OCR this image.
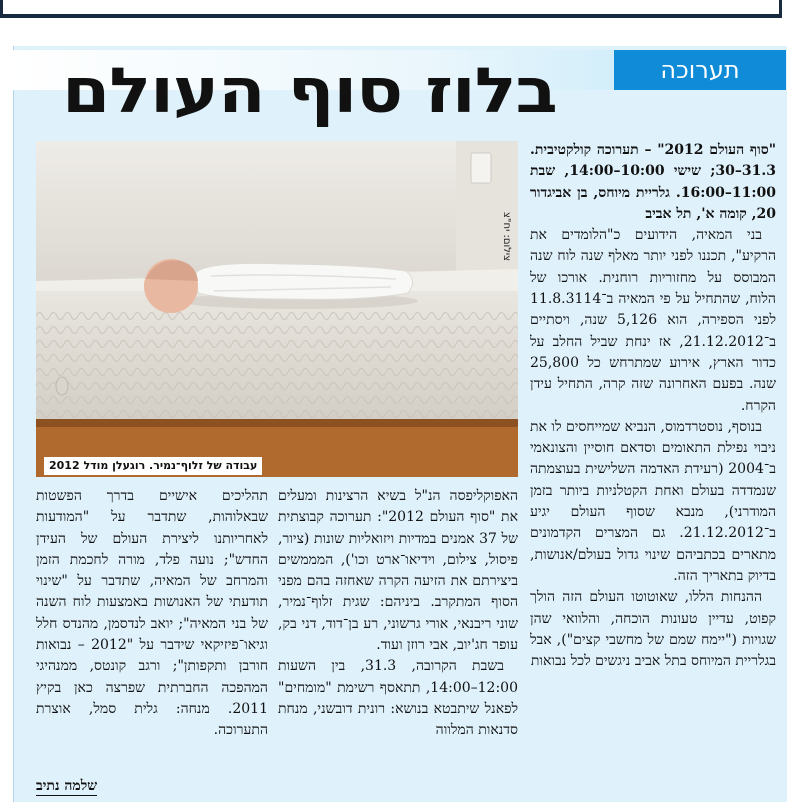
תערוכה
בלוז סוף העולם

"סוף העולם 2012" – תערוכה קולקטיבית. 31.3–30; שישי 10:00–14:00, שבת 11:00–16:00. גלריית מיוחס, בן אביגדור 20, קומה א', תל אביב

בני המאיה, הידועים כ"הלומדים את הרקיע", תכננו לפני יותר מאלף שנה לוח שנה המבוסס על מחזוריות רוחנית. אורכו של הלוח, שהתחיל על פי המאיה ב־11.8.3114 לפני הספירה, הוא 5,126 שנה, ויסתיים ב־21.12.2012, אז ינחת שביל החלב על כדור הארץ, אירוע שמתרחש כל 25,800 שנה. בפעם האחרונה שזה קרה, התחיל עידן הקרח.

בנוסף, נוסטרדמוס, הנביא שמייחסים לו את ניבוי נפילת התאומים וסדאם חוסיין והצונאמי ב־2004 (רעידת האדמה השלישית בעוצמתה שנמדדה בעולם ואחת הקטלניות ביותר בזמן המודרני), מנבא שסוף העולם יגיע ב־21.12.2012. גם המצרים הקדמונים מתארים בכתביהם שינוי גדול בעולם/אנושות, בדיוק בתאריך הזה.

ההנחות הללו, שאוטוטו העולם הזה הולך קפוט, עדיין טעונות הוכחה, והלוואי שהן שגויות ("יימח שמם של מחשבי קצים"), אבל בגלריית המיוחס בתל אביב ניגשים לכל נבואות

צילום: יח"צ
עבודה של זלוף־נמיר. רוגעלן מודל 2012

האפוקליפסה הנ"ל בשיא הרצינות ומעלים את "סוף העולם 2012": תערוכה קבוצתית של 37 אמנים במדיות ויזואליות שונות (ציור, פיסול, צילום, וידיאו־ארט וכו'), המממשים ביצירתם את הזיעה הקרה שאחזה בהם מפני הסוף המתקרב. ביניהם: שגית זלוף־נמיר, שוני ריבנאי, אורי גרשוני, רע בן־דוד, דני בק, עופר חג'יוב, אבי רוזן ועוד.

בשבת הקרובה, 31.3, בין השעות 12:00–14:00, תתאסף רשימת "מומחים" לפאנל שיתבטא בנושא: רונית דובשני, מנחת סדנאות המלווה

תהליכים אישיים בדרך הפשטות שבאלוהות, שתדבר על "המודעות לאחריותנו ליצירת העולם של העידן החדש"; נועה פלד, מורה לחכמת הזמן והמרחב של המאיה, שתדבר על "שינוי תודעתי של האנושות באמצעות לוח השנה של בני המאיה"; יואב לנדסמן, מהנדס חלל וגיאו־פיזיקאי שידבר על "2012 – נבואות חורבן ותקפותן"; ורגב קונטס, ממנהיגי המהפכה החברתית שפרצה כאן בקיץ 2011. מנחה: גלית סמל, אוצרת התערוכה.

שלמה נתיב
